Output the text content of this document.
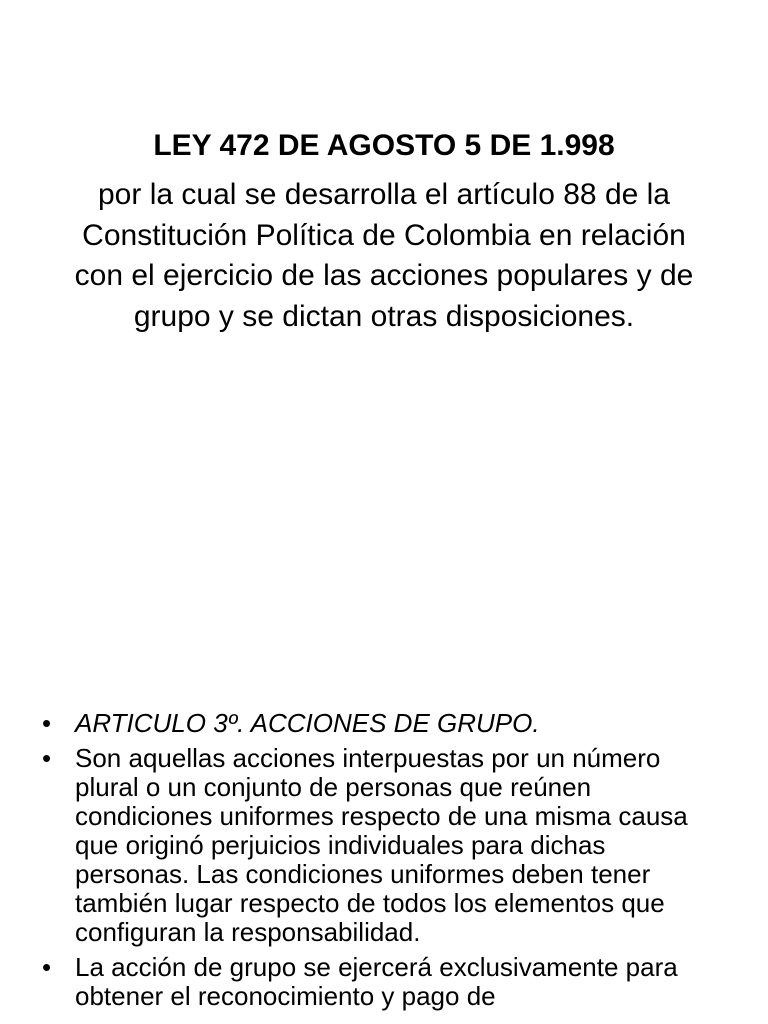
LEY 472 DE AGOSTO 5 DE 1.998

por la cual se desarrolla el artículo 88 de la Constitución Política de Colombia en relación con el ejercicio de las acciones populares y de grupo y se dictan otras disposiciones.

• ARTICULO 3º. ACCIONES DE GRUPO.
• Son aquellas acciones interpuestas por un número plural o un conjunto de personas que reúnen condiciones uniformes respecto de una misma causa que originó perjuicios individuales para dichas personas. Las condiciones uniformes deben tener también lugar respecto de todos los elementos que configuran la responsabilidad.
• La acción de grupo se ejercerá exclusivamente para obtener el reconocimiento y pago de
